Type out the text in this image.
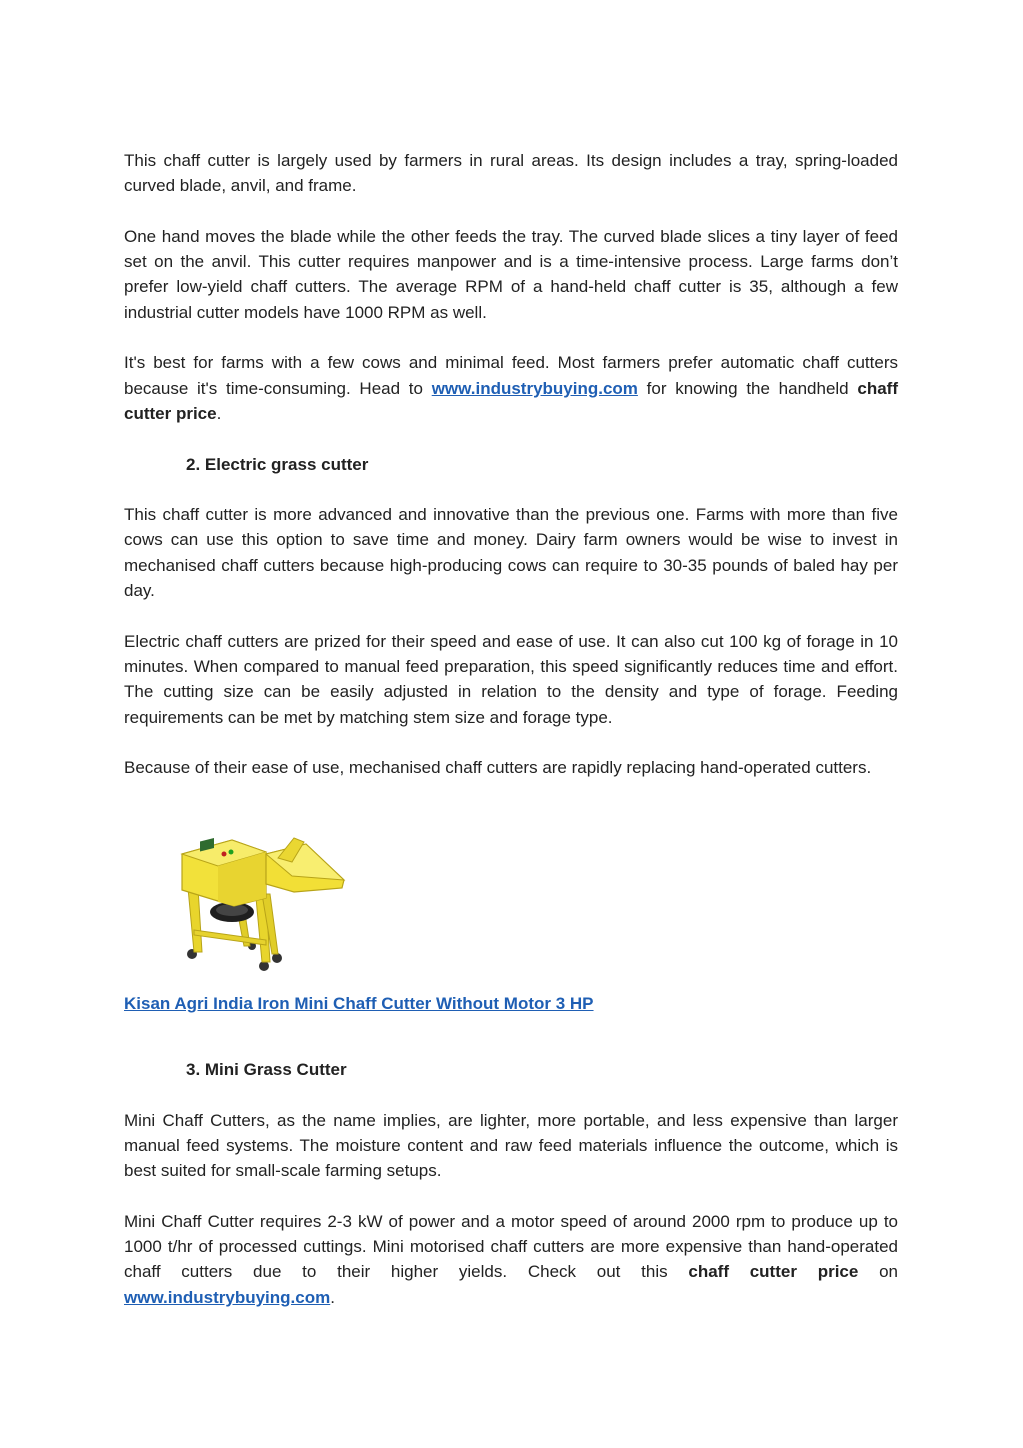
This chaff cutter is largely used by farmers in rural areas. Its design includes a tray, spring-loaded curved blade, anvil, and frame.

One hand moves the blade while the other feeds the tray. The curved blade slices a tiny layer of feed set on the anvil. This cutter requires manpower and is a time-intensive process. Large farms don’t prefer low-yield chaff cutters. The average RPM of a hand-held chaff cutter is 35, although a few industrial cutter models have 1000 RPM as well.

It's best for farms with a few cows and minimal feed. Most farmers prefer automatic chaff cutters because it's time-consuming. Head to www.industrybuying.com for knowing the handheld chaff cutter price.

2. Electric grass cutter

This chaff cutter is more advanced and innovative than the previous one. Farms with more than five cows can use this option to save time and money. Dairy farm owners would be wise to invest in mechanised chaff cutters because high-producing cows can require to 30-35 pounds of baled hay per day.

Electric chaff cutters are prized for their speed and ease of use. It can also cut 100 kg of forage in 10 minutes. When compared to manual feed preparation, this speed significantly reduces time and effort. The cutting size can be easily adjusted in relation to the density and type of forage. Feeding requirements can be met by matching stem size and forage type.

Because of their ease of use, mechanised chaff cutters are rapidly replacing hand-operated cutters.

Kisan Agri India Iron Mini Chaff Cutter Without Motor 3 HP
3. Mini Grass Cutter

Mini Chaff Cutters, as the name implies, are lighter, more portable, and less expensive than larger manual feed systems. The moisture content and raw feed materials influence the outcome, which is best suited for small-scale farming setups.

Mini Chaff Cutter requires 2-3 kW of power and a motor speed of around 2000 rpm to produce up to 1000 t/hr of processed cuttings. Mini motorised chaff cutters are more expensive than hand-operated chaff cutters due to their higher yields. Check out this chaff cutter price on www.industrybuying.com.
